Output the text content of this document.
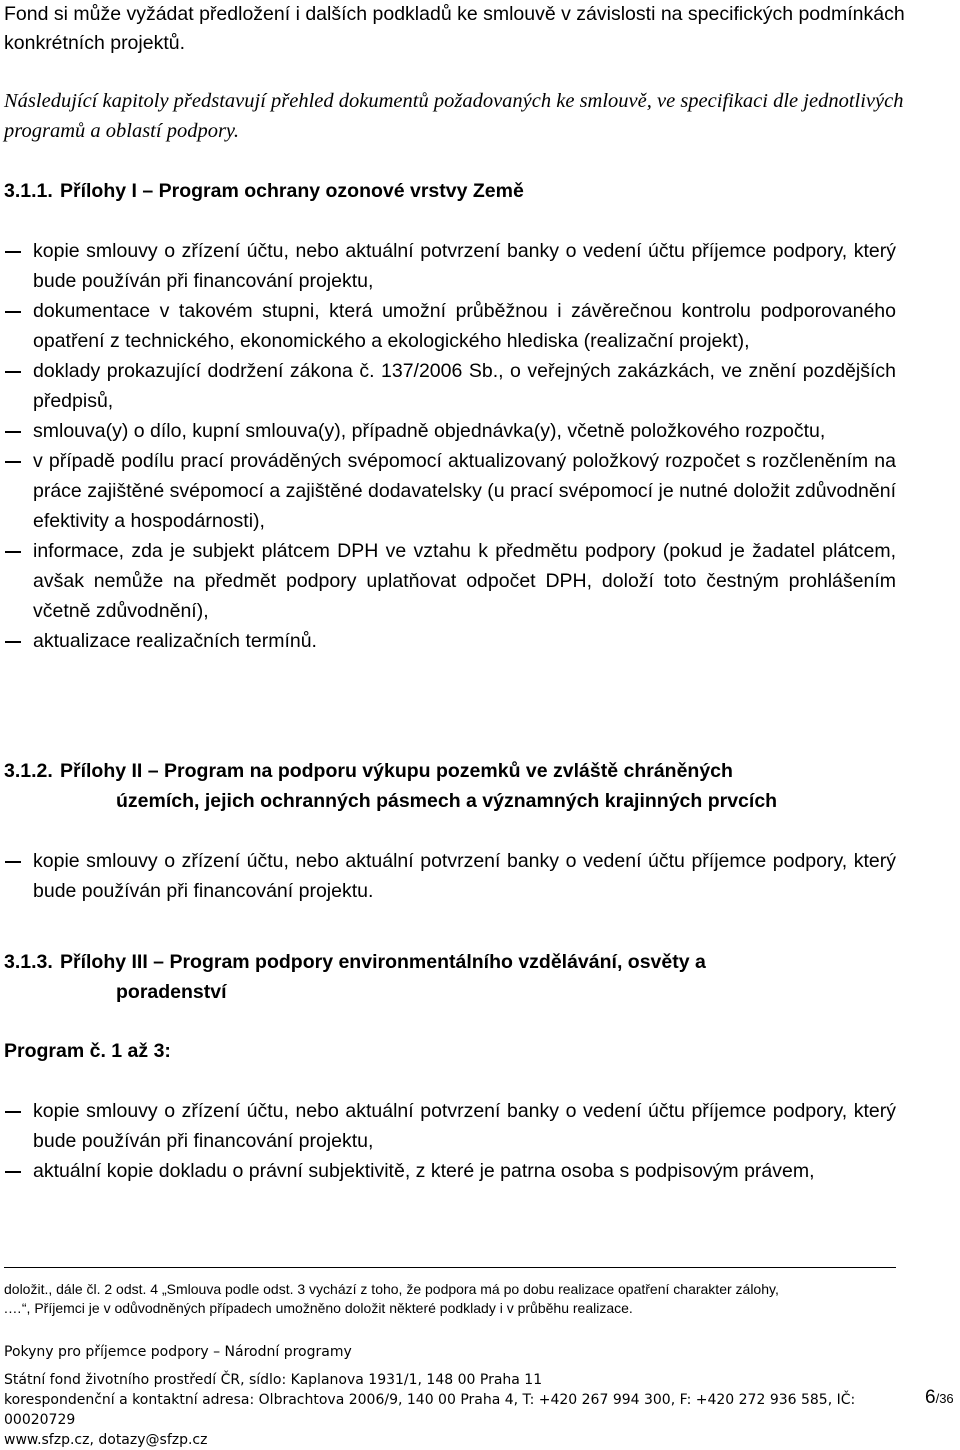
Fond si může vyžádat předložení i dalších podkladů ke smlouvě v závislosti na specifických podmínkách konkrétních projektů.

Následující kapitoly představují přehled dokumentů požadovaných ke smlouvě, ve specifikaci dle jednotlivých programů a oblastí podpory.

3.1.1. Přílohy I – Program ochrany ozonové vrstvy Země
kopie smlouvy o zřízení účtu, nebo aktuální potvrzení banky o vedení účtu příjemce podpory, který bude používán při financování projektu,
dokumentace v takovém stupni, která umožní průběžnou i závěrečnou kontrolu podporovaného opatření z technického, ekonomického a ekologického hlediska (realizační projekt),
doklady prokazující dodržení zákona č. 137/2006 Sb., o veřejných zakázkách, ve znění pozdějších předpisů,
smlouva(y) o dílo, kupní smlouva(y), případně objednávka(y), včetně položkového rozpočtu,
v případě podílu prací prováděných svépomocí aktualizovaný položkový rozpočet s rozčleněním na práce zajištěné svépomocí a zajištěné dodavatelsky (u prací svépomocí je nutné doložit zdůvodnění efektivity a hospodárnosti),
informace, zda je subjekt plátcem DPH ve vztahu k předmětu podpory (pokud je žadatel plátcem, avšak nemůže na předmět podpory uplatňovat odpočet DPH, doloží toto čestným prohlášením včetně zdůvodnění),
aktualizace realizačních termínů.
3.1.2. Přílohy II – Program na podporu výkupu pozemků ve zvláště chráněných
územích, jejich ochranných pásmech a významných krajinných prvcích
kopie smlouvy o zřízení účtu, nebo aktuální potvrzení banky o vedení účtu příjemce podpory, který bude používán při financování projektu.
3.1.3. Přílohy III – Program podpory environmentálního vzdělávání, osvěty a
poradenství

Program č. 1 až 3:

kopie smlouvy o zřízení účtu, nebo aktuální potvrzení banky o vedení účtu příjemce podpory, který bude používán při financování projektu,
aktuální kopie dokladu o právní subjektivitě, z které je patrna osoba s podpisovým právem,
doložit., dále čl. 2 odst. 4 „Smlouva podle odst. 3 vychází z toho, že podpora má po dobu realizace opatření charakter zálohy,
.…“, Příjemci je v odůvodněných případech umožněno doložit některé podklady i v průběhu realizace.
Pokyny pro příjemce podpory – Národní programy
Státní fond životního prostředí ČR, sídlo: Kaplanova 1931/1, 148 00 Praha 11
korespondenční a kontaktní adresa: Olbrachtova 2006/9, 140 00 Praha 4, T: +420 267 994 300, F: +420 272 936 585, IČ: 00020729
www.sfzp.cz, dotazy@sfzp.cz
6/36
